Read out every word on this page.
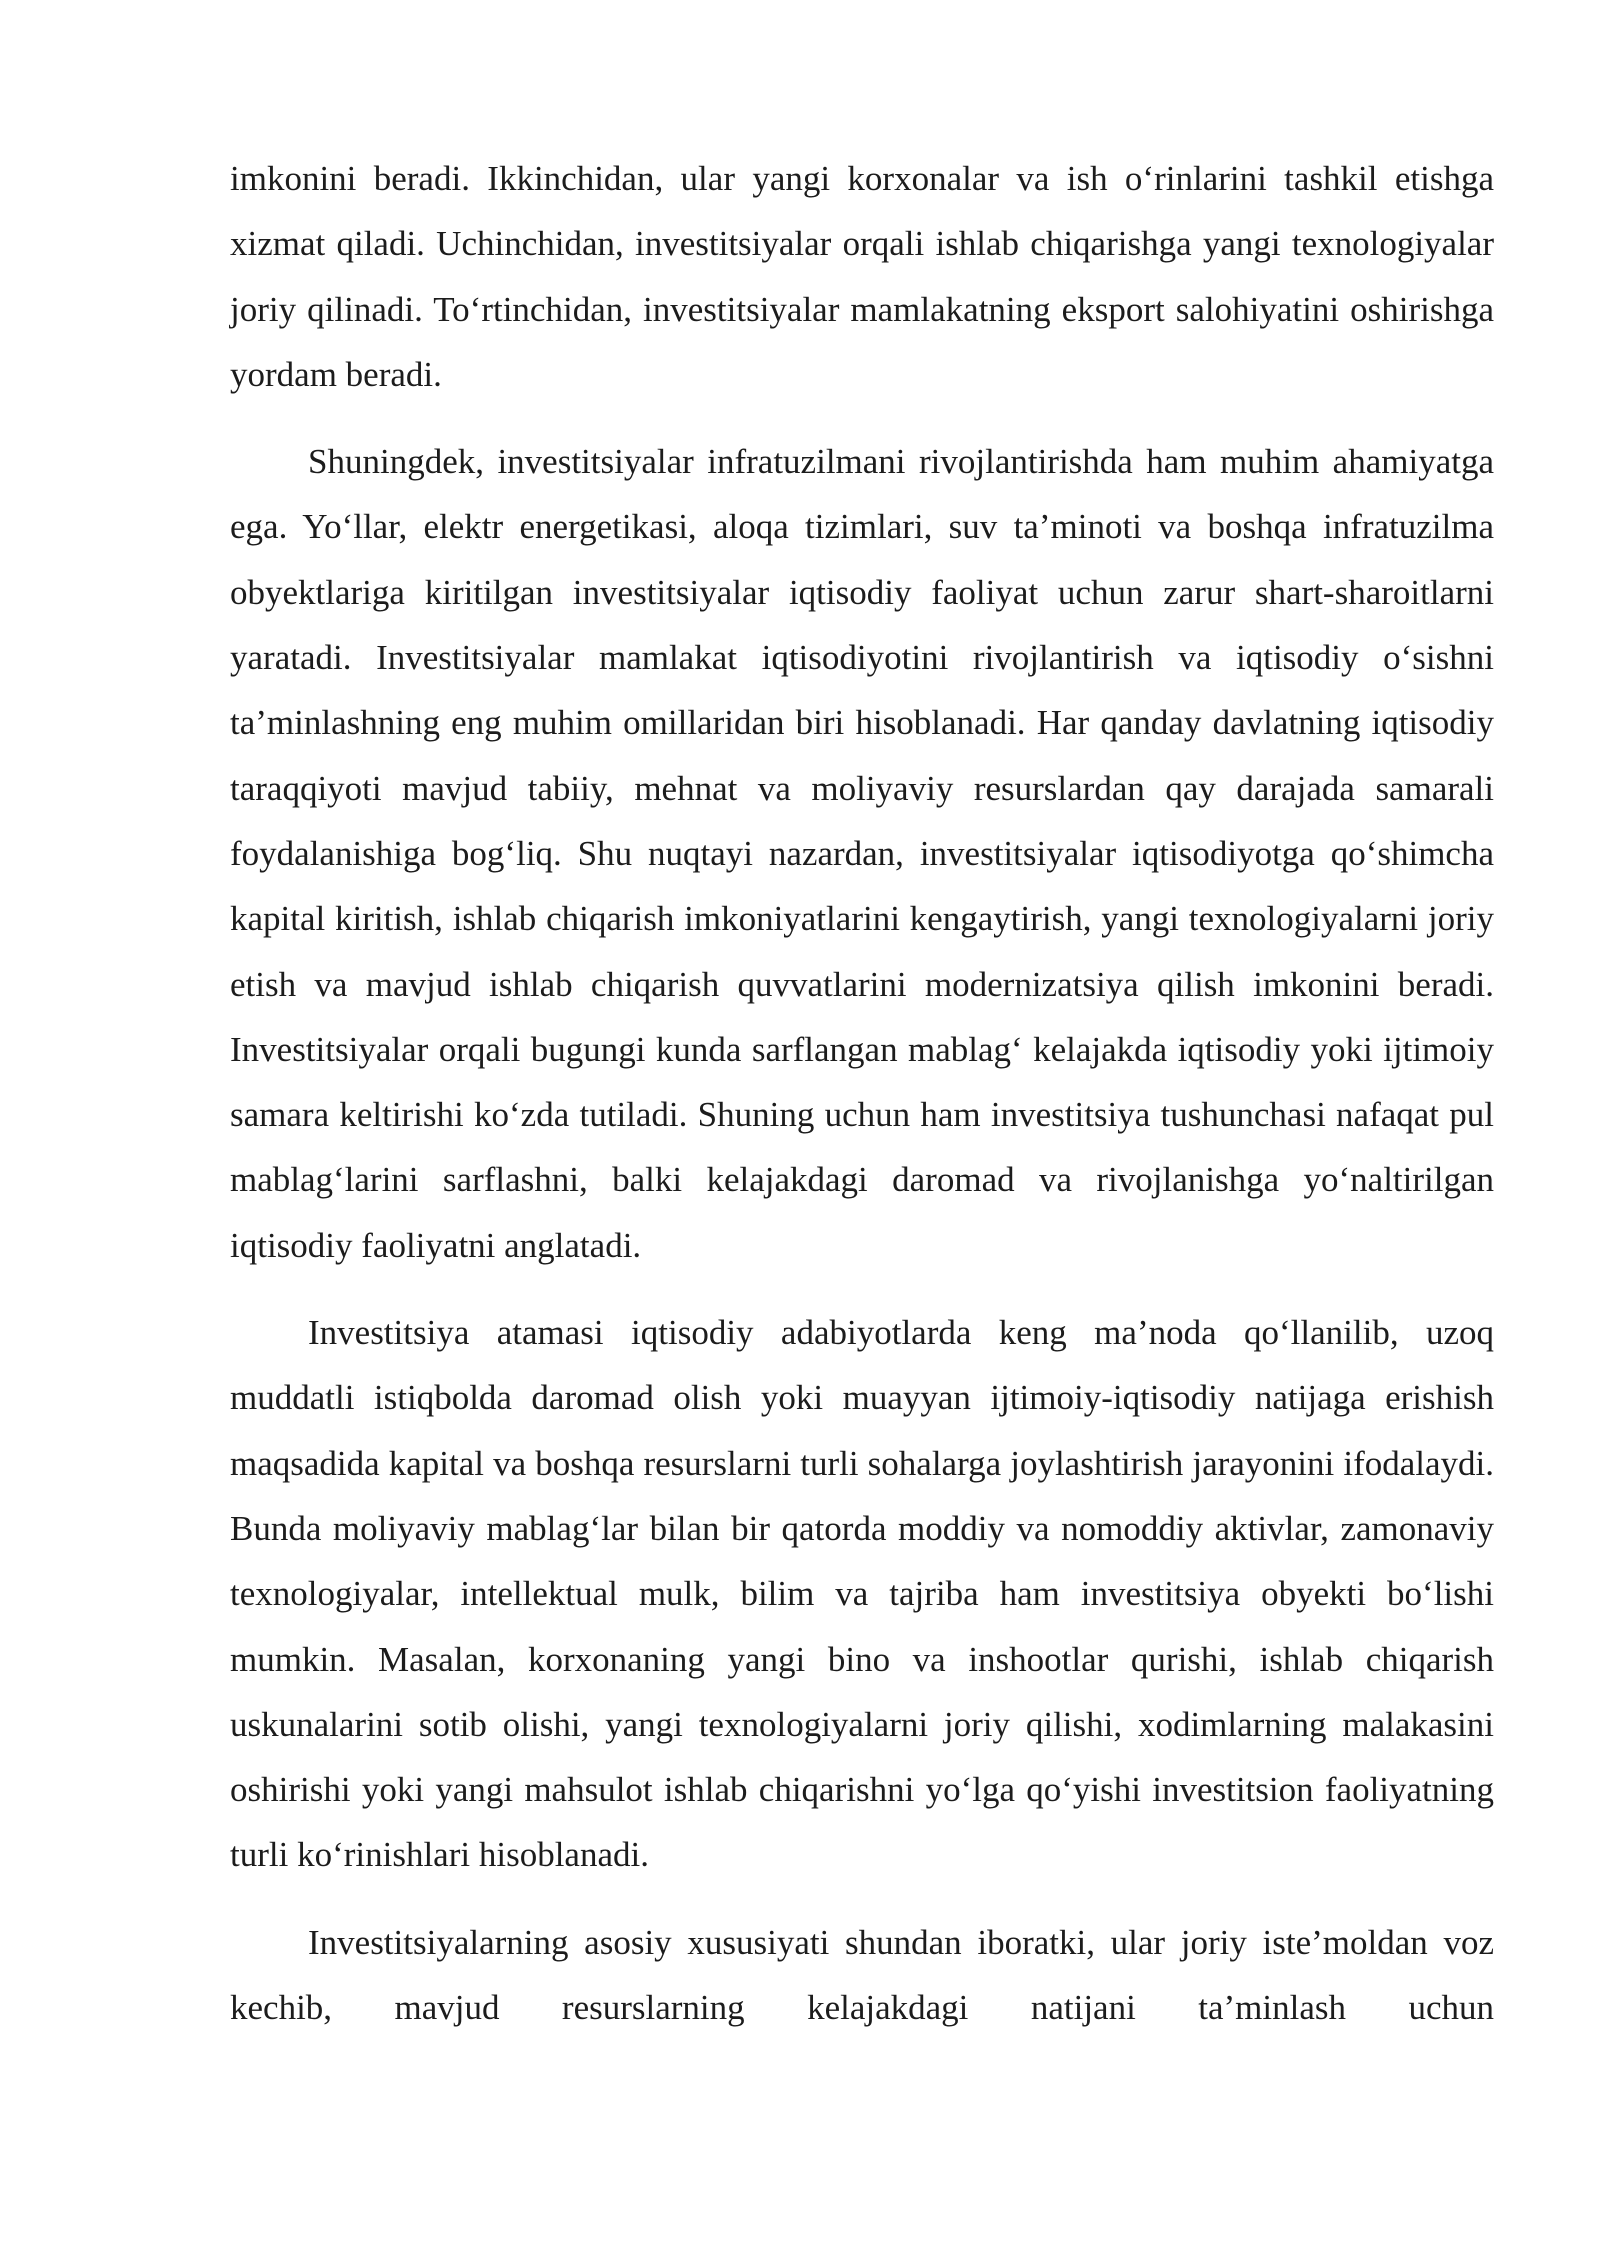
imkonini beradi. Ikkinchidan, ular yangi korxonalar va ish o‘rinlarini tashkil etishga xizmat qiladi. Uchinchidan, investitsiyalar orqali ishlab chiqarishga yangi texnologiyalar joriy qilinadi. To‘rtinchidan, investitsiyalar mamlakatning eksport salohiyatini oshirishga yordam beradi.

Shuningdek, investitsiyalar infratuzilmani rivojlantirishda ham muhim ahamiyatga ega. Yo‘llar, elektr energetikasi, aloqa tizimlari, suv ta’minoti va boshqa infratuzilma obyektlariga kiritilgan investitsiyalar iqtisodiy faoliyat uchun zarur shart-sharoitlarni yaratadi. Investitsiyalar mamlakat iqtisodiyotini rivojlantirish va iqtisodiy o‘sishni ta’minlashning eng muhim omillaridan biri hisoblanadi. Har qanday davlatning iqtisodiy taraqqiyoti mavjud tabiiy, mehnat va moliyaviy resurslardan qay darajada samarali foydalanishiga bog‘liq. Shu nuqtayi nazardan, investitsiyalar iqtisodiyotga qo‘shimcha kapital kiritish, ishlab chiqarish imkoniyatlarini kengaytirish, yangi texnologiyalarni joriy etish va mavjud ishlab chiqarish quvvatlarini modernizatsiya qilish imkonini beradi. Investitsiyalar orqali bugungi kunda sarflangan mablag‘ kelajakda iqtisodiy yoki ijtimoiy samara keltirishi ko‘zda tutiladi. Shuning uchun ham investitsiya tushunchasi nafaqat pul mablag‘larini sarflashni, balki kelajakdagi daromad va rivojlanishga yo‘naltirilgan iqtisodiy faoliyatni anglatadi.

Investitsiya atamasi iqtisodiy adabiyotlarda keng ma’noda qo‘llanilib, uzoq muddatli istiqbolda daromad olish yoki muayyan ijtimoiy-iqtisodiy natijaga erishish maqsadida kapital va boshqa resurslarni turli sohalarga joylashtirish jarayonini ifodalaydi. Bunda moliyaviy mablag‘lar bilan bir qatorda moddiy va nomoddiy aktivlar, zamonaviy texnologiyalar, intellektual mulk, bilim va tajriba ham investitsiya obyekti bo‘lishi mumkin. Masalan, korxonaning yangi bino va inshootlar qurishi, ishlab chiqarish uskunalarini sotib olishi, yangi texnologiyalarni joriy qilishi, xodimlarning malakasini oshirishi yoki yangi mahsulot ishlab chiqarishni yo‘lga qo‘yishi investitsion faoliyatning turli ko‘rinishlari hisoblanadi.

Investitsiyalarning asosiy xususiyati shundan iboratki, ular joriy iste’moldan voz kechib, mavjud resurslarning kelajakdagi natijani ta’minlash uchun
